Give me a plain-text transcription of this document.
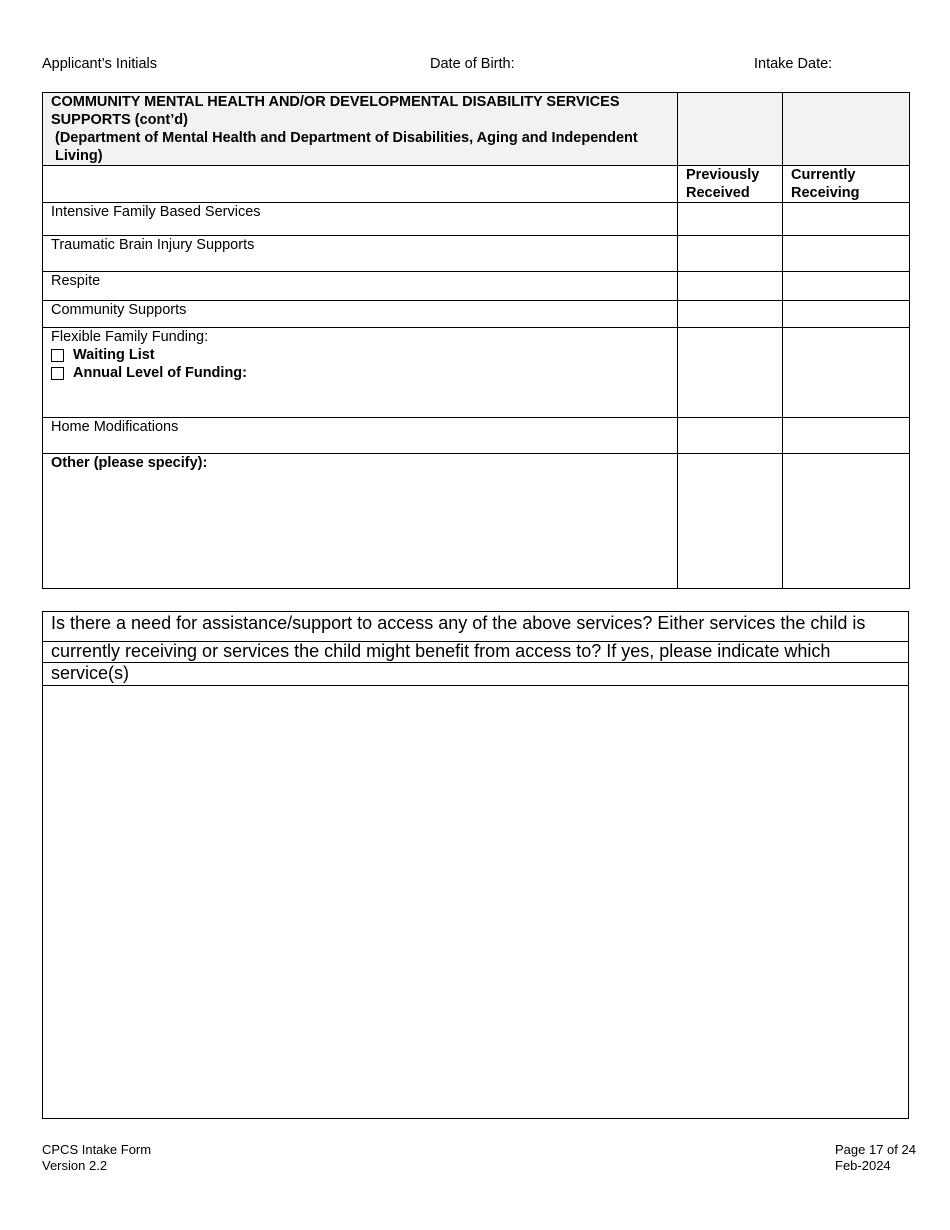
Applicant’s Initials	Date of Birth:	Intake Date:
COMMUNITY MENTAL HEALTH AND/OR DEVELOPMENTAL DISABILITY SERVICES SUPPORTS (cont’d)
(Department of Mental Health and Department of Disabilities, Aging and Independent Living)		

	Previously Received	Currently Receiving
Intensive Family Based Services		
Traumatic Brain Injury Supports		
Respite		
Community Supports		

Flexible Family Funding:
Waiting List
Annual Level of Funding:		

Home Modifications		
Other (please specify):		
Is there a need for assistance/support to access any of the above services? Either services the child is
currently receiving or services the child might benefit from access to? If yes, please indicate which
service(s)
CPCS Intake Form
Version 2.2
Page 17 of 24
Feb-2024
